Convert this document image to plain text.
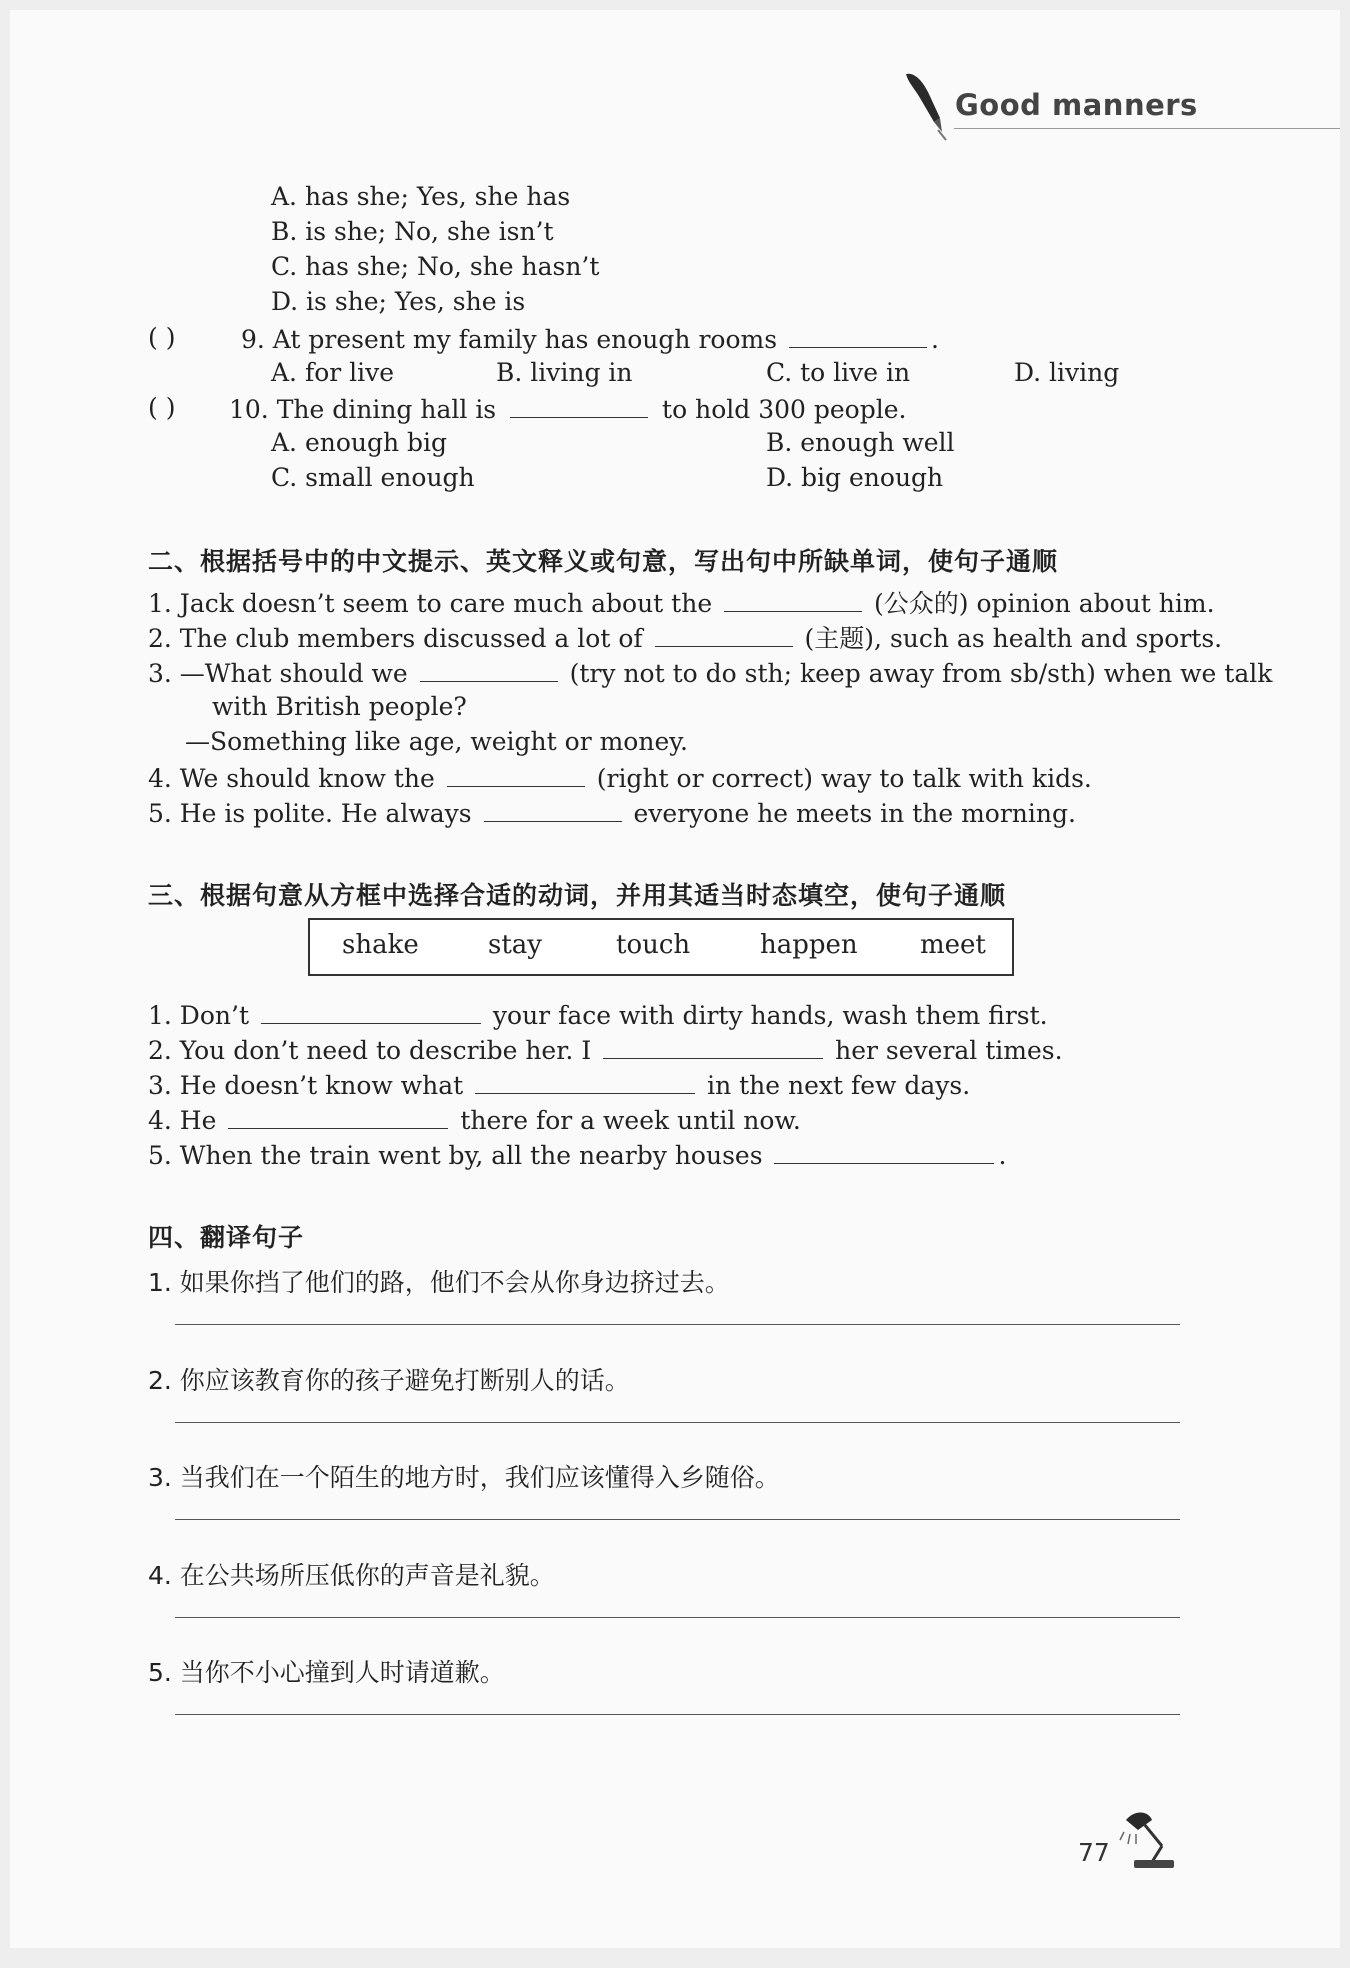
Good manners
A. has she; Yes, she has
B. is she; No, she isn’t
C. has she; No, she hasn’t
D. is she; Yes, she is
( )	9. At present my family has enough rooms	.
A. for live	B. living in	C. to live in	D. living
( ) 10. The dining hall is	to hold 300 people.
A. enough big	B. enough well
C. small enough	D. big enough
二、根据括号中的中文提示、英文释义或句意，写出句中所缺单词，使句子通顺
1. Jack doesn’t seem to care much about the	(公众的) opinion about him.
2. The club members discussed a lot of	(主题), such as health and sports.
3. —What should we	(try not to do sth; keep away from sb/sth) when we talk
with British people?
—Something like age, weight or money.
4. We should know the	(right or correct) way to talk with kids.
5. He is polite. He always	everyone he meets in the morning.
三、根据句意从方框中选择合适的动词，并用其适当时态填空，使句子通顺
shake	stay	touch	happen meet
1. Don’t	your face with dirty hands, wash them first.
2. You don’t need to describe her. I	her several times.
3. He doesn’t know what	in the next few days.
4. He	there for a week until now.
5. When the train went by, all the nearby houses	.
四、翻译句子
1. 如果你挡了他们的路，他们不会从你身边挤过去。
2. 你应该教育你的孩子避免打断别人的话。
3. 当我们在一个陌生的地方时，我们应该懂得入乡随俗。
4. 在公共场所压低你的声音是礼貌。
5. 当你不小心撞到人时请道歉。
77
